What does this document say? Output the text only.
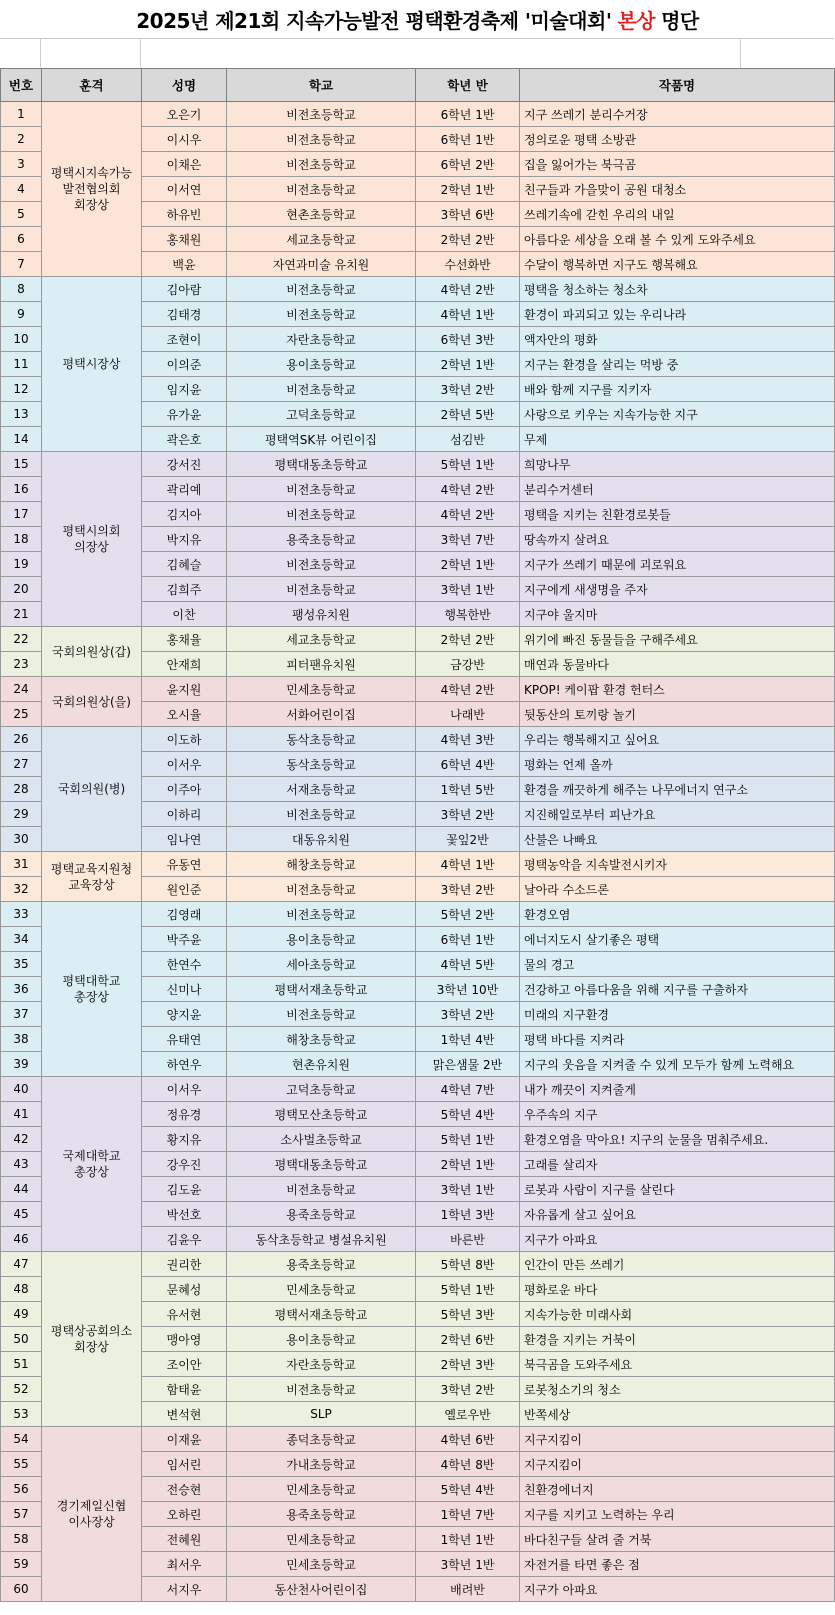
2025년 제21회 지속가능발전 평택환경축제 '미술대회' 본상 명단
번호	훈격	성명	학교	학년 반	작품명
1	평택시지속가능
발전협의회
회장상	오은기	비전초등학교	6학년 1반	지구 쓰레기 분리수거장
2		이시우	비전초등학교	6학년 1반	정의로운 평택 소방관
3		이채은	비전초등학교	6학년 2반	집을 잃어가는 북극곰
4		이서연	비전초등학교	2학년 1반	친구들과 가을맞이 공원 대청소
5		하유빈	현촌초등학교	3학년 6반	쓰레기속에 갇힌 우리의 내일
6		홍채원	세교초등학교	2학년 2반	아름다운 세상을 오래 볼 수 있게 도와주세요
7		백윤	자연과미술 유치원	수선화반	수달이 행복하면 지구도 행복해요
8	평택시장상	김아람	비전초등학교	4학년 2반	평택을 청소하는 청소차
9		김태경	비전초등학교	4학년 1반	환경이 파괴되고 있는 우리나라
10		조현이	자란초등학교	6학년 3반	액자안의 평화
11		이의준	용이초등학교	2학년 1반	지구는 환경을 살리는 먹방 중
12		임지윤	비전초등학교	3학년 2반	배와 함께 지구를 지키자
13		유가윤	고덕초등학교	2학년 5반	사랑으로 키우는 지속가능한 지구
14		곽은호	평택역SK뷰 어린이집	섬김반	무제
15	평택시의회
의장상	강서진	평택대동초등학교	5학년 1반	희망나무
16		곽리예	비전초등학교	4학년 2반	분리수거센터
17		김지아	비전초등학교	4학년 2반	평택을 지키는 친환경로봇들
18		박지유	용죽초등학교	3학년 7반	땅속까지 살려요
19		김혜슬	비전초등학교	2학년 1반	지구가 쓰레기 때문에 괴로워요
20		김희주	비전초등학교	3학년 1반	지구에게 새생명을 주자
21		이찬	팽성유치원	행복한반	지구야 울지마
22	국회의원상(갑)	홍채율	세교초등학교	2학년 2반	위기에 빠진 동물들을 구해주세요
23		안재희	피터팬유치원	금강반	매연과 동물바다
24	국회의원상(을)	윤지원	민세초등학교	4학년 2반	KPOP! 케이팝 환경 헌터스
25		오시율	서화어린이집	나래반	뒷동산의 토끼랑 놀기
26	국회의원(병)	이도하	동삭초등학교	4학년 3반	우리는 행복해지고 싶어요
27		이서우	동삭초등학교	6학년 4반	평화는 언제 올까
28		이주아	서재초등학교	1학년 5반	환경을 깨끗하게 해주는 나무에너지 연구소
29		이하리	비전초등학교	3학년 2반	지진해일로부터 피난가요
30		임나연	대동유치원	꽃잎2반	산불은 나빠요
31	평택교육지원청
교육장상	유동연	해창초등학교	4학년 1반	평택농악을 지속발전시키자
32		원인준	비전초등학교	3학년 2반	날아라 수소드론
33	평택대학교
총장상	김영래	비전초등학교	5학년 2반	환경오염
34		박주윤	용이초등학교	6학년 1반	에너지도시 살기좋은 평택
35		한연수	세아초등학교	4학년 5반	물의 경고
36		신미나	평택서재초등학교	3학년 10반	건강하고 아름다움을 위해 지구를 구출하자
37		양지윤	비전초등학교	3학년 2반	미래의 지구환경
38		유태연	해창초등학교	1학년 4반	평택 바다를 지켜라
39		하연우	현촌유치원	맑은샘물 2반	지구의 웃음을 지켜줄 수 있게 모두가 함께 노력해요
40	국제대학교
총장상	이서우	고덕초등학교	4학년 7반	내가 깨끗이 지켜줄게
41		정유경	평택모산초등학교	5학년 4반	우주속의 지구
42		황지유	소사벌초등학교	5학년 1반	환경오염을 막아요! 지구의 눈물을 멈춰주세요.
43		강우진	평택대동초등학교	2학년 1반	고래를 살리자
44		김도윤	비전초등학교	3학년 1반	로봇과 사람이 지구를 살린다
45		박선호	용죽초등학교	1학년 3반	자유롭게 살고 싶어요
46		김윤우	동삭초등학교 병설유치원	바른반	지구가 아파요
47	평택상공회의소
회장상	권리한	용죽초등학교	5학년 8반	인간이 만든 쓰레기
48		문혜성	민세초등학교	5학년 1반	평화로운 바다
49		유서현	평택서재초등학교	5학년 3반	지속가능한 미래사회
50		맹아영	용이초등학교	2학년 6반	환경을 지키는 거북이
51		조이안	자란초등학교	2학년 3반	북극곰을 도와주세요
52		함태윤	비전초등학교	3학년 2반	로봇청소기의 청소
53		변석현	SLP	옐로우반	반쪽세상
54	경기제일신협
이사장상	이재윤	종덕초등학교	4학년 6반	지구지킴이
55		임서린	가내초등학교	4학년 8반	지구지킴이
56		전승현	민세초등학교	5학년 4반	친환경에너지
57		오하린	용죽초등학교	1학년 7반	지구를 지키고 노력하는 우리
58		전혜원	민세초등학교	1학년 1반	바다친구들 살려 줄 거북
59		최서우	민세초등학교	3학년 1반	자전거를 타면 좋은 점
60		서지우	동산천사어린이집	배려반	지구가 아파요
